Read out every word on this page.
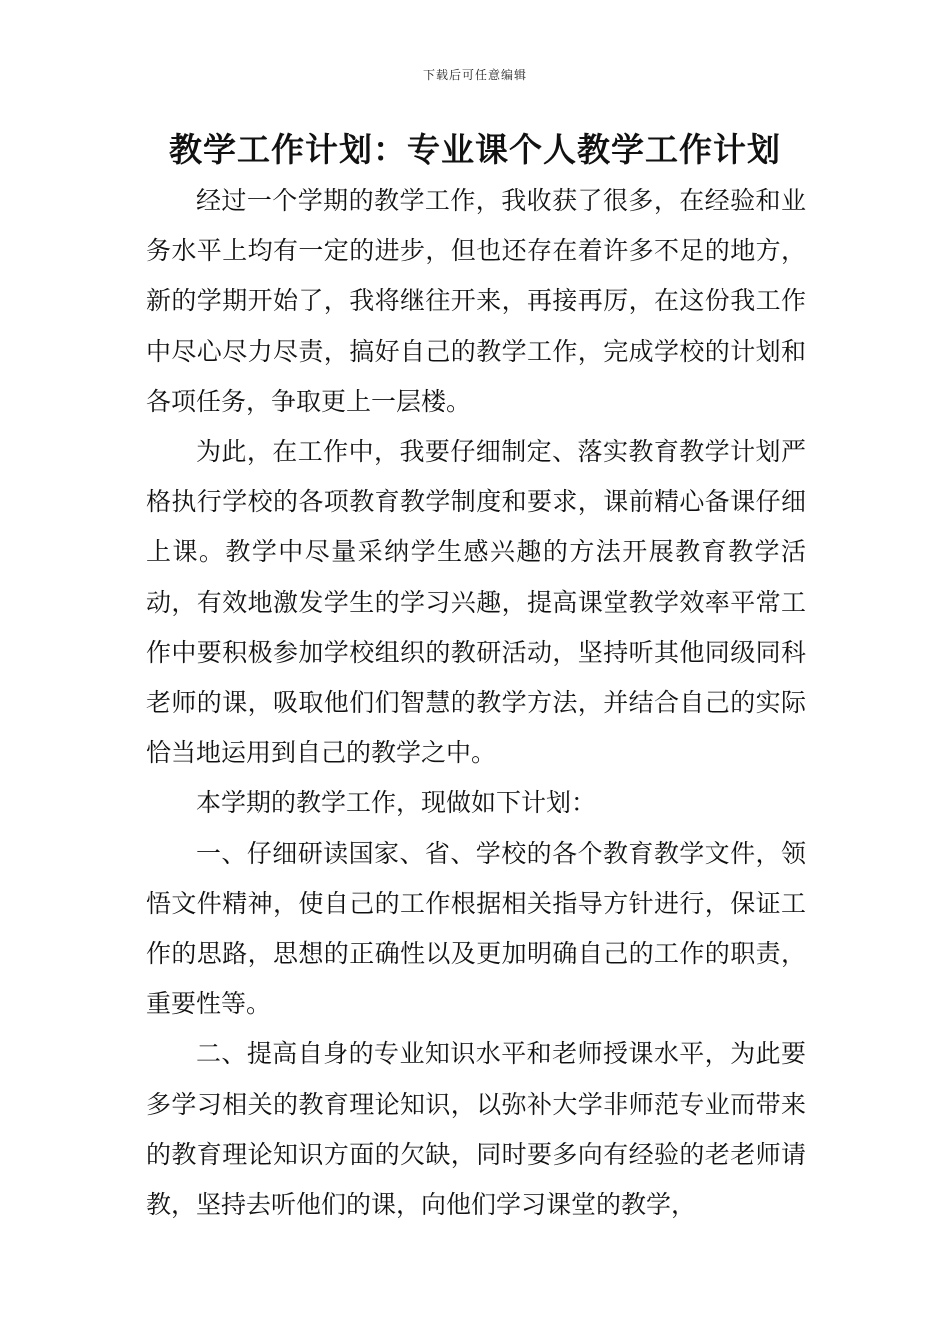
下载后可任意编辑
教学工作计划：专业课个人教学工作计划

经过一个学期的教学工作，我收获了很多，在经验和业务水平上均有一定的进步，但也还存在着许多不足的地方，新的学期开始了，我将继往开来，再接再厉，在这份我工作中尽心尽力尽责，搞好自己的教学工作，完成学校的计划和各项任务，争取更上一层楼。

为此，在工作中，我要仔细制定、落实教育教学计划严格执行学校的各项教育教学制度和要求，课前精心备课仔细上课。教学中尽量采纳学生感兴趣的方法开展教育教学活动，有效地激发学生的学习兴趣，提高课堂教学效率平常工作中要积极参加学校组织的教研活动，坚持听其他同级同科老师的课，吸取他们们智慧的教学方法，并结合自己的实际恰当地运用到自己的教学之中。

本学期的教学工作，现做如下计划：

一、仔细研读国家、省、学校的各个教育教学文件，领悟文件精神，使自己的工作根据相关指导方针进行，保证工作的思路，思想的正确性以及更加明确自己的工作的职责，重要性等。

二、提高自身的专业知识水平和老师授课水平，为此要多学习相关的教育理论知识，以弥补大学非师范专业而带来的教育理论知识方面的欠缺，同时要多向有经验的老老师请教，坚持去听他们的课，向他们学习课堂的教学，
